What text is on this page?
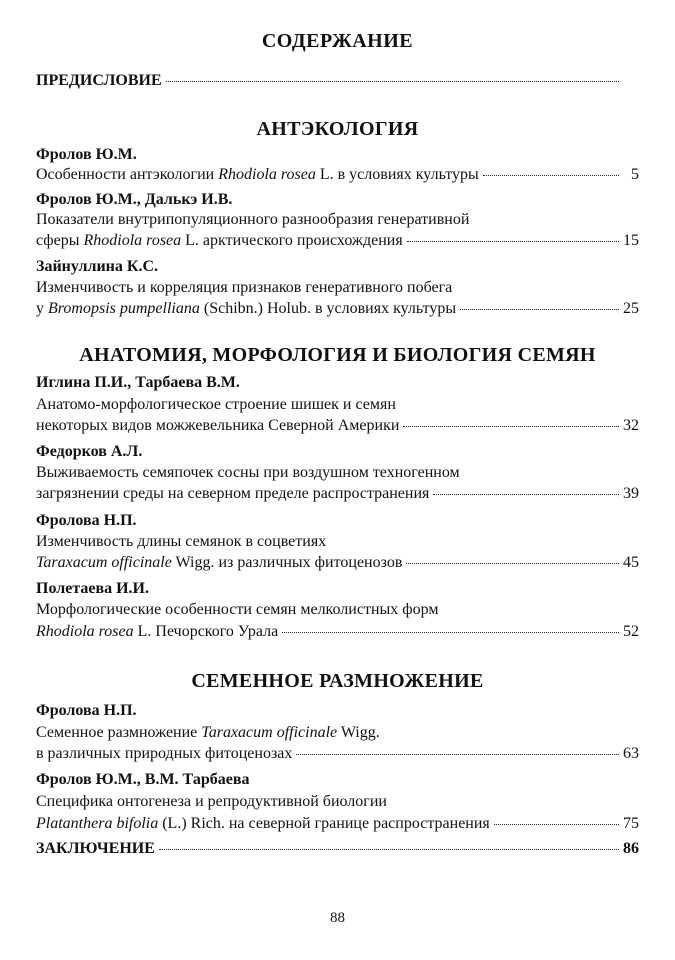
СОДЕРЖАНИЕ
ПРЕДИСЛОВИЕ
АНТЭКОЛОГИЯ
Фролов Ю.М.
Особенности антэкологии Rhodiola rosea L. в условиях культуры	5
Фролов Ю.М., Далькэ И.В.
Показатели внутрипопуляционного разнообразия генеративной
сферы Rhodiola rosea L. арктического происхождения	15
Зайнуллина К.С.
Изменчивость и корреляция признаков генеративного побега
у Bromopsis pumpelliana (Schibn.) Holub. в условиях культуры	25
АНАТОМИЯ, МОРФОЛОГИЯ И БИОЛОГИЯ СЕМЯН
Иглина П.И., Тарбаева В.М.
Анатомо-морфологическое строение шишек и семян
некоторых видов можжевельника Северной Америки	32
Федорков А.Л.
Выживаемость семяпочек сосны при воздушном техногенном
загрязнении среды на северном пределе распространения	39
Фролова Н.П.
Изменчивость длины семянок в соцветиях
Taraxacum officinale Wigg. из различных фитоценозов	45
Полетаева И.И.
Морфологические особенности семян мелколистных форм
Rhodiola rosea L. Печорского Урала	52
СЕМЕННОЕ РАЗМНОЖЕНИЕ
Фролова Н.П.
Семенное размножение Taraxacum officinale Wigg.
в различных природных фитоценозах	63
Фролов Ю.М., В.М. Тарбаева
Специфика онтогенеза и репродуктивной биологии
Platanthera bifolia (L.) Rich. на северной границе распространения	75
ЗАКЛЮЧЕНИЕ	86
88
